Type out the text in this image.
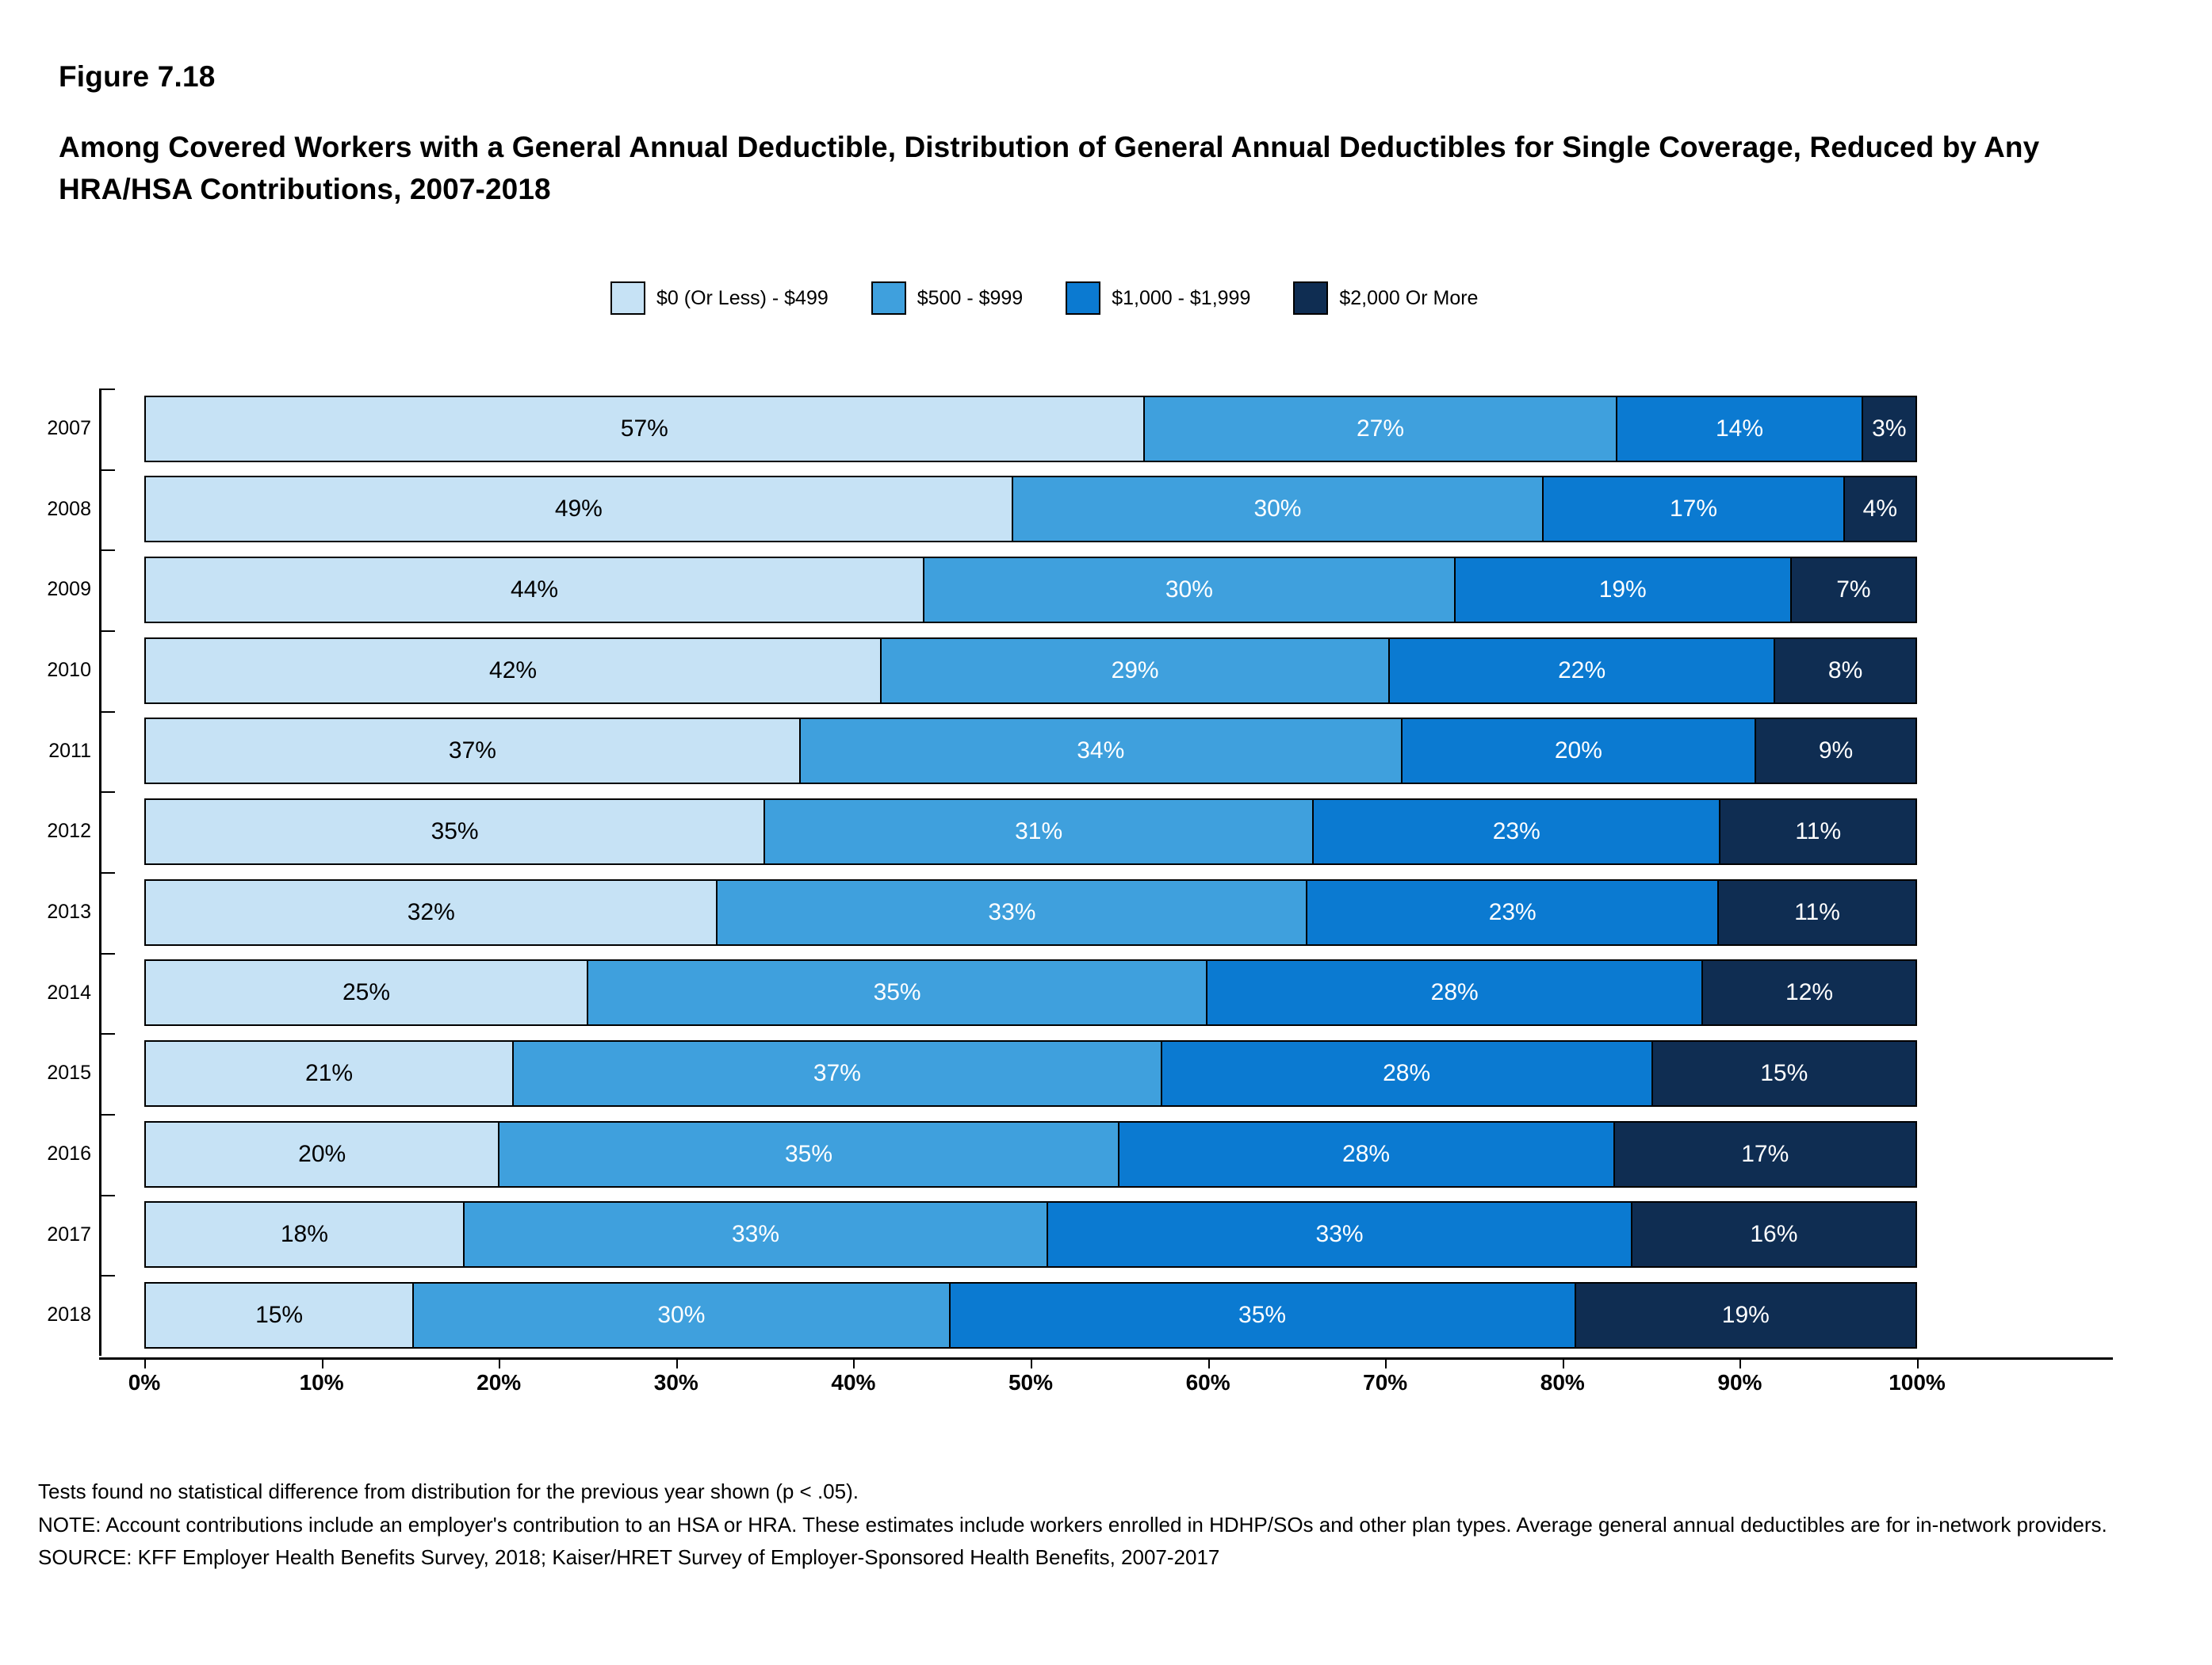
Figure 7.18
Among Covered Workers with a General Annual Deductible, Distribution of General Annual Deductibles for Single Coverage, Reduced by Any HRA/HSA Contributions, 2007-2018
$0 (Or Less) - $499	$500 - $999	$1,000 - $1,999	$2,000 Or More
2007	57%	27%	14%	3%
2008	49%	30%	17%	4%
2009	44%	30%	19%	7%
2010	42%	29%	22%	8%
2011	37%	34%	20%	9%
2012	35%	31%	23%	11%
2013	32%	33%	23%	11%
2014	25%	35%	28%	12%
2015	21%	37%	28%	15%
2016	20%	35%	28%	17%
2017	18%	33%	33%	16%
2018	15%	30%	35%	19%
0%	10%	20%	30%	40%	50%	60%	70%	80%	90%	100%
Tests found no statistical difference from distribution for the previous year shown (p < .05).
NOTE: Account contributions include an employer's contribution to an HSA or HRA. These estimates include workers enrolled in HDHP/SOs and other plan types. Average general annual deductibles are for in-network providers.
SOURCE: KFF Employer Health Benefits Survey, 2018; Kaiser/HRET Survey of Employer-Sponsored Health Benefits, 2007-2017
